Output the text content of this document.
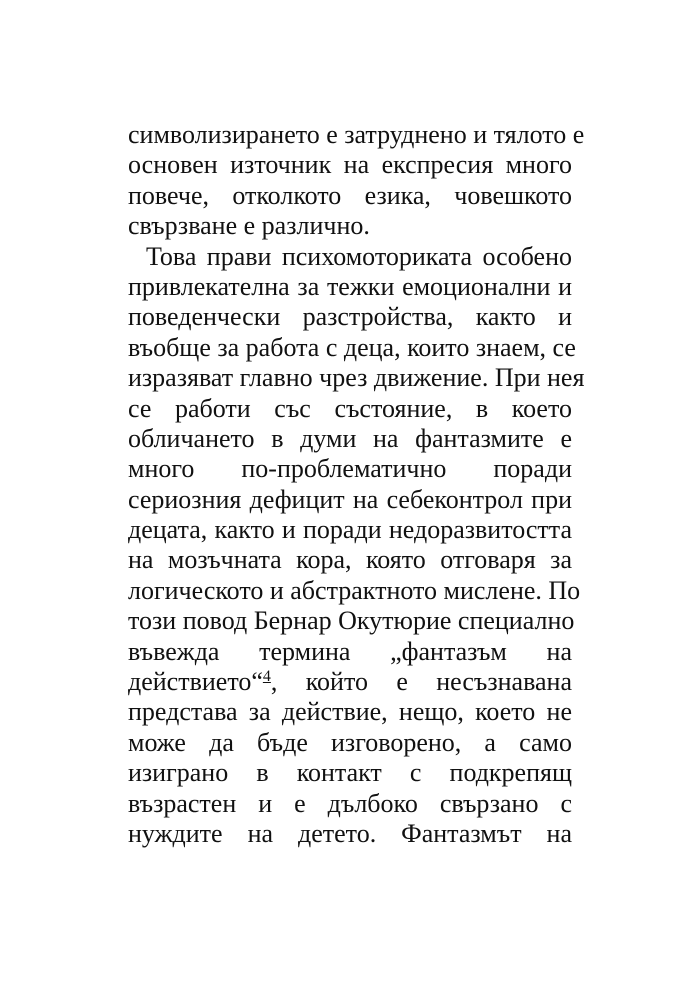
символизирането е затруднено и тялото е
основен източник на експресия много
повече, отколкото езика, човешкото
свързване е различно.
Това прави психомоториката особено
привлекателна за тежки емоционални и
поведенчески разстройства, както и
въобще за работа с деца, които знаем, се
изразяват главно чрез движение. При нея
се работи със състояние, в което
обличането в думи на фантазмите е
много по-проблематично поради
сериозния дефицит на себеконтрол при
децата, както и поради недоразвитостта
на мозъчната кора, която отговаря за
логическото и абстрактното мислене. По
този повод Бернар Окутюрие специално
въвежда термина „фантазъм на
действието“$^4$, който е несъзнавана
представа за действие, нещо, което не
може да бъде изговорено, а само
изиграно в контакт с подкрепящ
възрастен и е дълбоко свързано с
нуждите на детето. Фантазмът на
